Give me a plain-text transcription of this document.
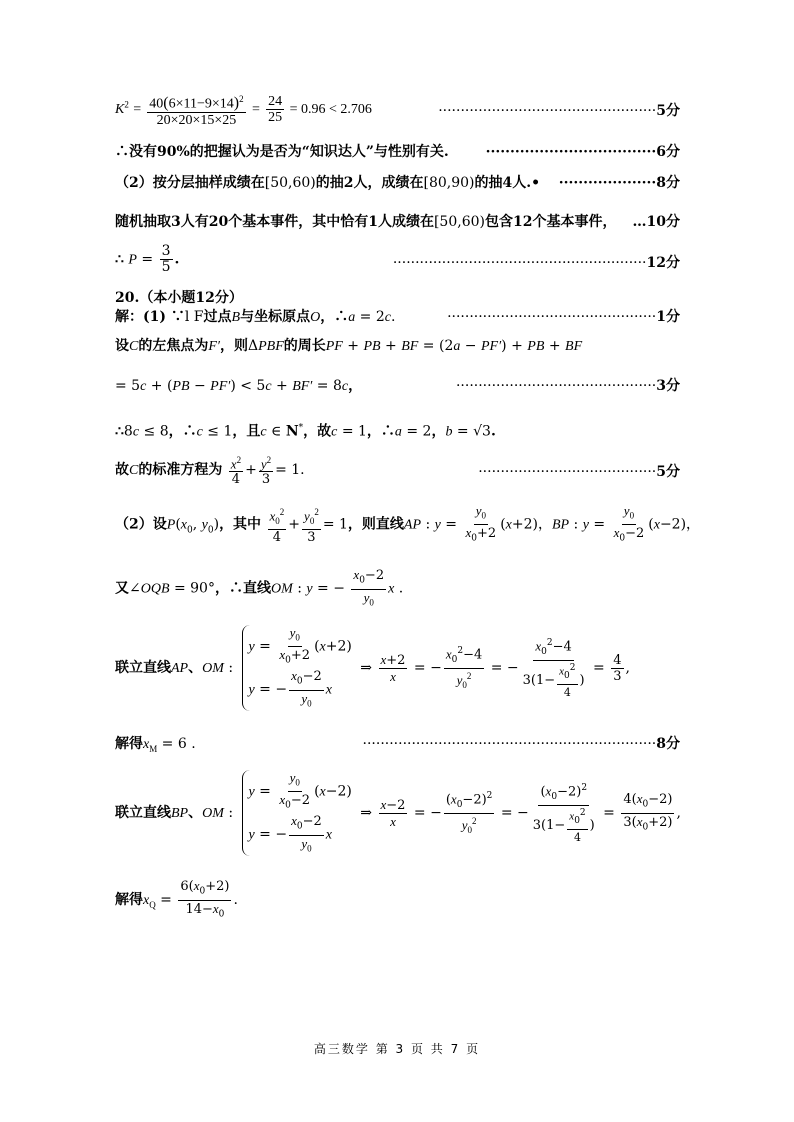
$K^2 = \frac{40(6\times 11-9\times 14)^2}{20\times 20\times 15\times 25} = \frac{24}{25} = 0.96 < 2.706$	·················································5分
∴没有90%的把握认为是否为“知识达人”与性别有关.	···································6分
（2）按分层抽样成绩在[50,60)的抽2人，成绩在[80,90)的抽4人.• ····················8分
随机抽取3人有20个基本事件，其中恰有1人成绩在[50,60)包含12个基本事件， …10分
∴ $P = \frac{3}{5}$ .	·························································12分
20.（本小题12分）
解：(1) ∵l F过点B与坐标原点O，∴a = 2c.	···············································1分
设C的左焦点为F′，则ΔPBF的周长PF + PB + BF = (2a − PF′) + PB + BF
= 5c + (PB − PF′) < 5c + BF′ = 8c，	·············································3分
∴8c ≤ 8，∴c ≤ 1，且c ∈ N*，故c = 1，∴a = 2，b = √3.
故C的标准方程为 $\frac{x^2}{4} + \frac{y^2}{3} = 1$.	········································5分
（2）设$P(x_0$, $y_0$)，其中 $\frac{x_0^2}{4} + \frac{y_0^2}{3} = 1$，则直线AP : $y = \frac{y_0}{x_0+2} (x+2)$，BP : $y = \frac{y_0}{x_0-2} (x-2)$，
又∠OQB = 90°，∴直线OM : y = − $\frac{x_0-2}{y_0}$ x .
联立直线AP、OM :
$y = \frac{y_0}{x_0+2} (x+2)$
y = − $\frac{x_0-2}{y_0}$ x
⇒ $\frac{x+2}{x}$ = − $\frac{x_0^2-4}{y_0^2}$ = − $\frac{x_0^2-4}{3(1- \frac{x_0^2}{4} )} = \frac{4}{3}$ ,
解得$x_M = 6$ .	··································································8分
联立直线BP、OM :
$y = \frac{y_0}{x_0-2} (x-2)$
y = − $\frac{x_0-2}{y_0}$ x
⇒ $\frac{x-2}{x}$ = − $\frac{(x_0-2)^2}{y_0^2}$ = − $\frac{(x_0-2)^2}{3(1- \frac{x_0^2}{4} )} = \frac{4(x_0-2)}{3(x_0+2)}$ ,
解得$x_Q = \frac{6(x_0+2)}{14-x_0}$ .
高三数学 第 3 页 共 7 页
